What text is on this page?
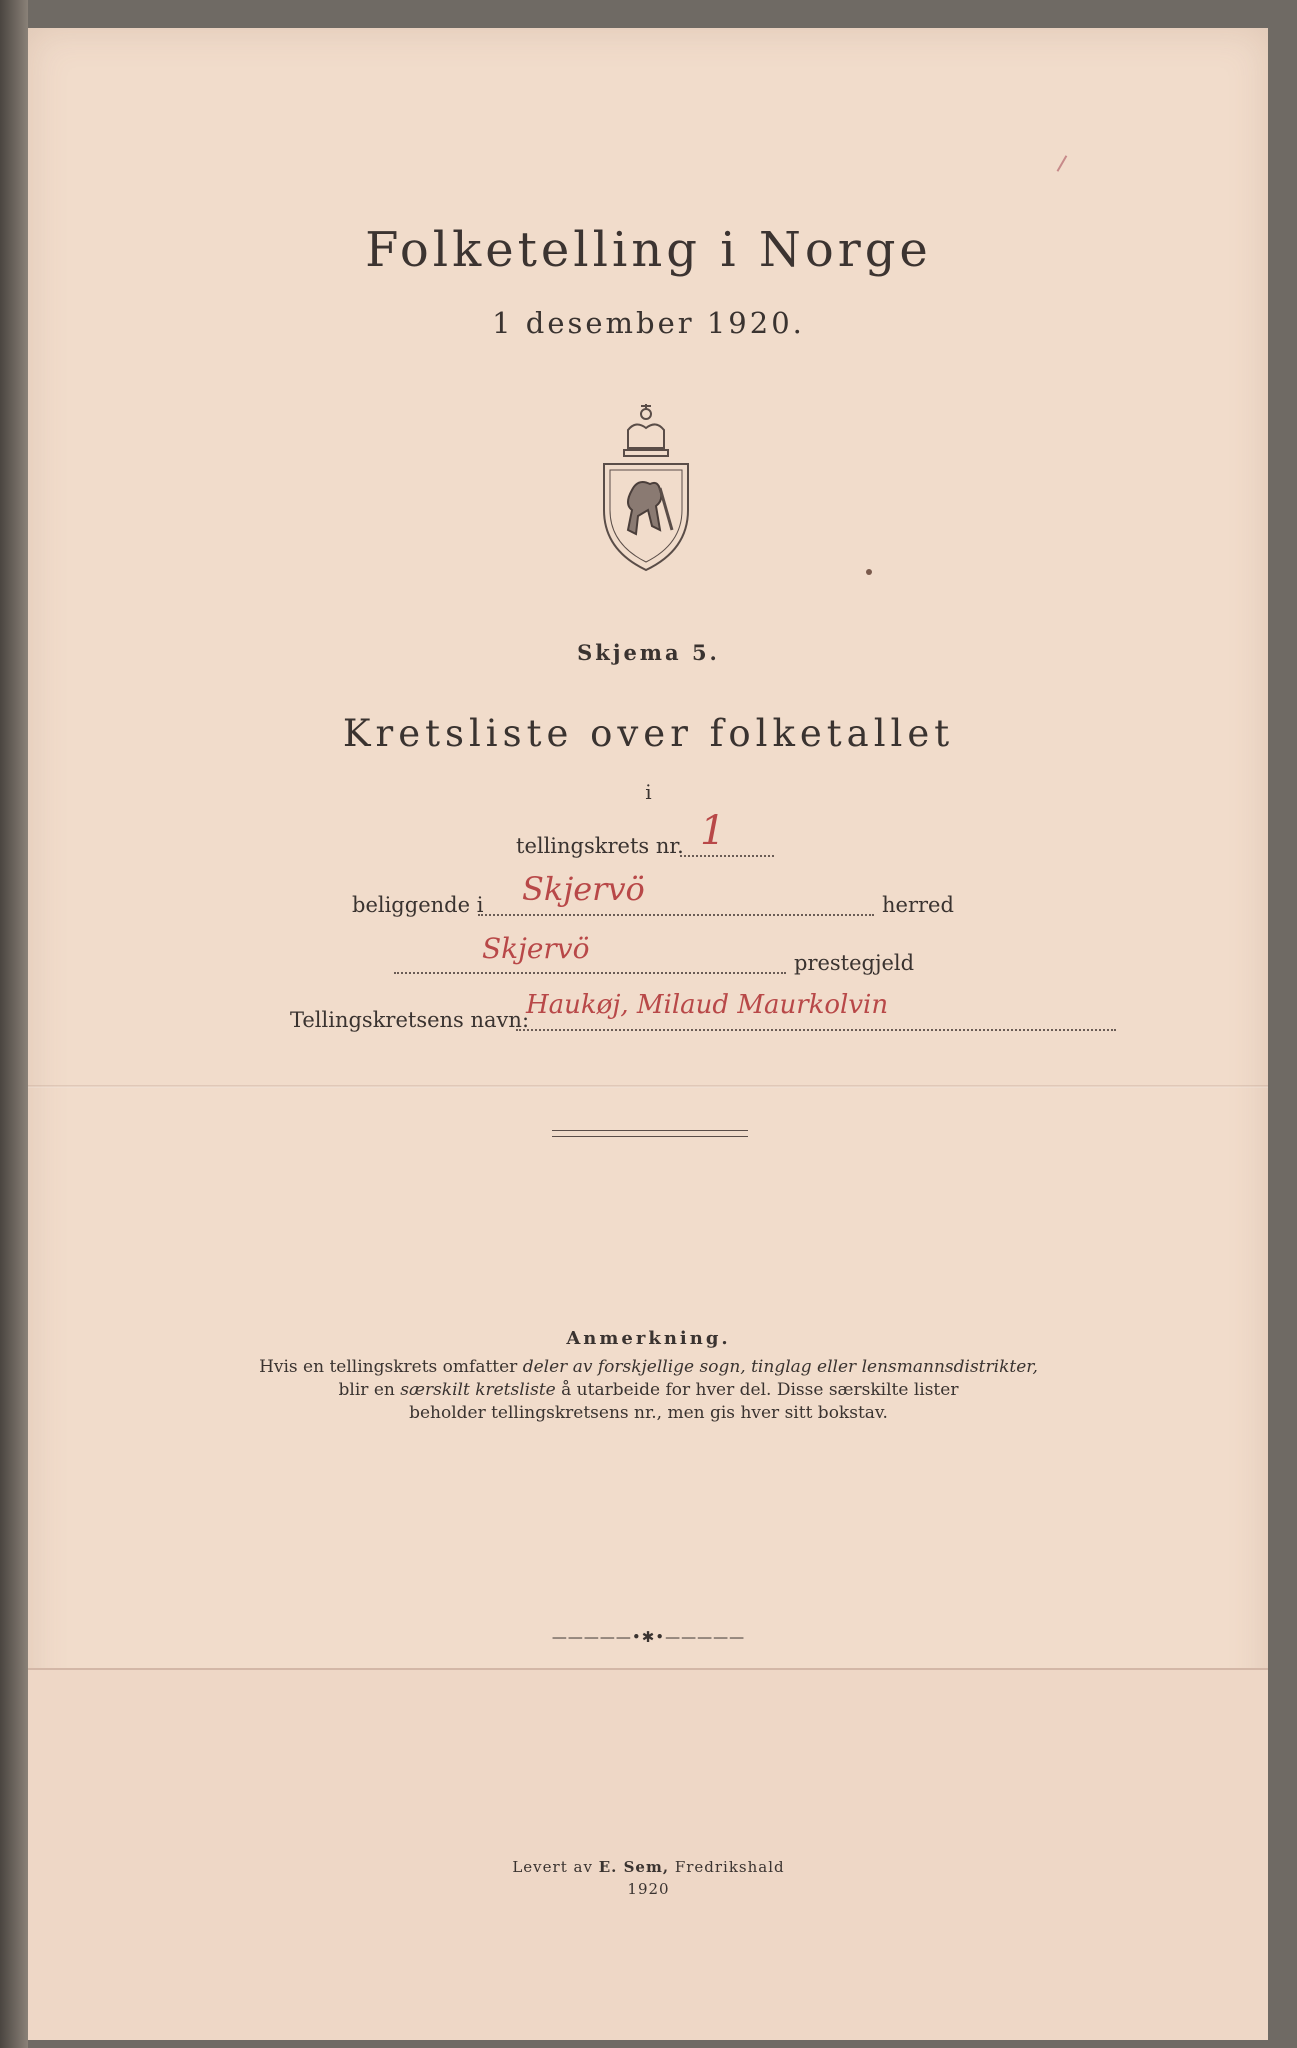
Folketelling i Norge
1 desember 1920.
Skjema 5.
Kretsliste over folketallet
i
tellingskrets nr. 1
beliggende i Skjervö	herred
Skjervö	prestegjeld
Tellingskretsens navn:
Haukøj, Milaud Maurkolvin
Anmerkning.
Hvis en tellingskrets omfatter deler av forskjellige sogn, tinglag eller lensmannsdistrikter,
blir en særskilt kretsliste å utarbeide for hver del. Disse særskilte lister
beholder tellingskretsens nr., men gis hver sitt bokstav.
—————•✱•—————
Levert av E. Sem, Fredrikshald
1920
